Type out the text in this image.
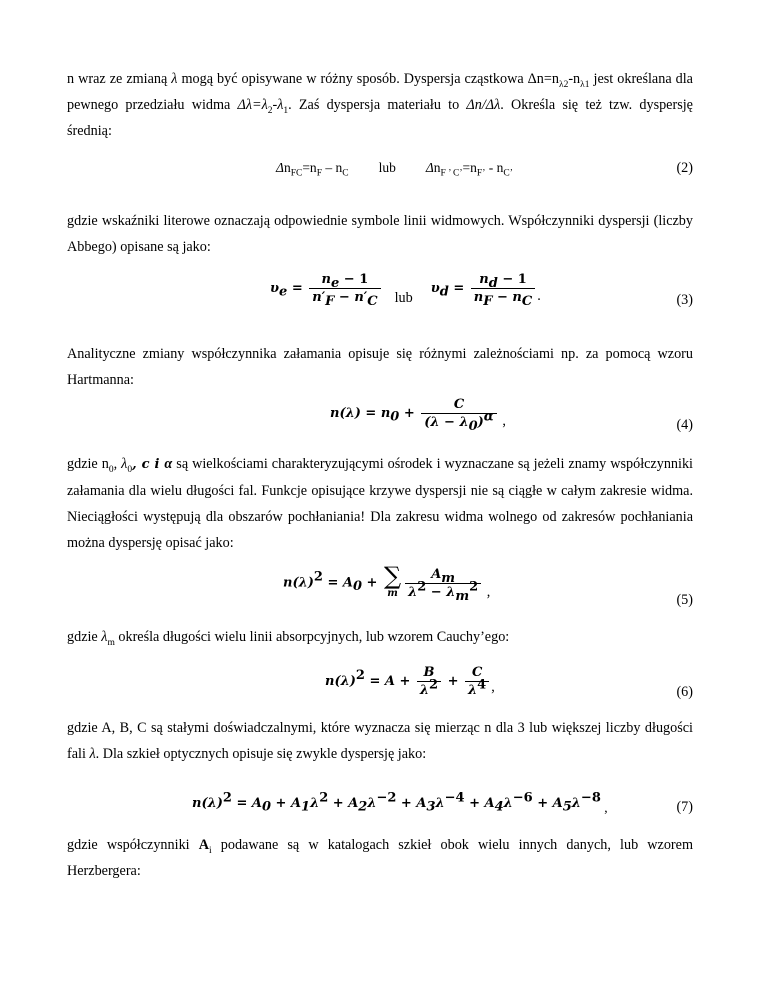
n wraz ze zmianą λ mogą być opisywane w różny sposób. Dyspersja cząstkowa $\Delta n=n_{\lambda 2}-n_{\lambda 1}$ jest określana dla pewnego przedziału widma $\Delta\lambda=\lambda_2-\lambda_1$. Zaś dyspersja materiału to Δn/Δλ. Określa się też tzw. dyspersję średnią:

$\Delta n_{FC}=n_F - n_C$ lub $\Delta n_{F ’ C’}=n_{F’} - n_{C’}$	(2)

gdzie wskaźniki literowe oznaczają odpowiednie symbole linii widmowych. Współczynniki dyspersji (liczby Abbego) opisane są jako:

$\upsilon_e = \frac{n_e - 1}{n'_F - n'_C} lub\upsilon_d = \frac{n_d - 1}{n_F - n_C}$ .	(3)

Analityczne zmiany współczynnika załamania opisuje się różnymi zależnościami np. za pomocą wzoru Hartmanna:

$n(\lambda) = n_0 + \frac{C}{(\lambda - \lambda_0)^\alpha}$ ,	(4)

gdzie $n_0$, $\lambda_0$, c i α są wielkościami charakteryzującymi ośrodek i wyznaczane są jeżeli znamy współczynniki załamania dla wielu długości fal. Funkcje opisujące krzywe dyspersji nie są ciągłe w całym zakresie widma. Nieciągłości występują dla obszarów pochłaniania! Dla zakresu widma wolnego od zakresów pochłaniania można dyspersję opisać jako:

$n(\lambda)^2 = A_0$ + ∑
m $\frac{A_m}{\lambda^2 - \lambda_m^2}$ ,	(5)

gdzie $\lambda_m$ określa długości wielu linii absorpcyjnych, lub wzorem Cauchy’ego:

$n(\lambda)^2 = A + \frac{B}{\lambda^2} + \frac{C}{\lambda^4}$ ,	(6)

gdzie A, B, C są stałymi doświadczalnymi, które wyznacza się mierząc n dla 3 lub większej liczby długości fali λ. Dla szkieł optycznych opisuje się zwykle dyspersję jako:

$n(\lambda)^2 = A_0 + A_1\lambda^2 + A_2\lambda^{-2} + A_3\lambda^{-4} + A_4\lambda^{-6} + A_5\lambda^{-8}$ ,	(7)

gdzie współczynniki $A_i$ podawane są w katalogach szkieł obok wielu innych danych, lub wzorem Herzbergera:
